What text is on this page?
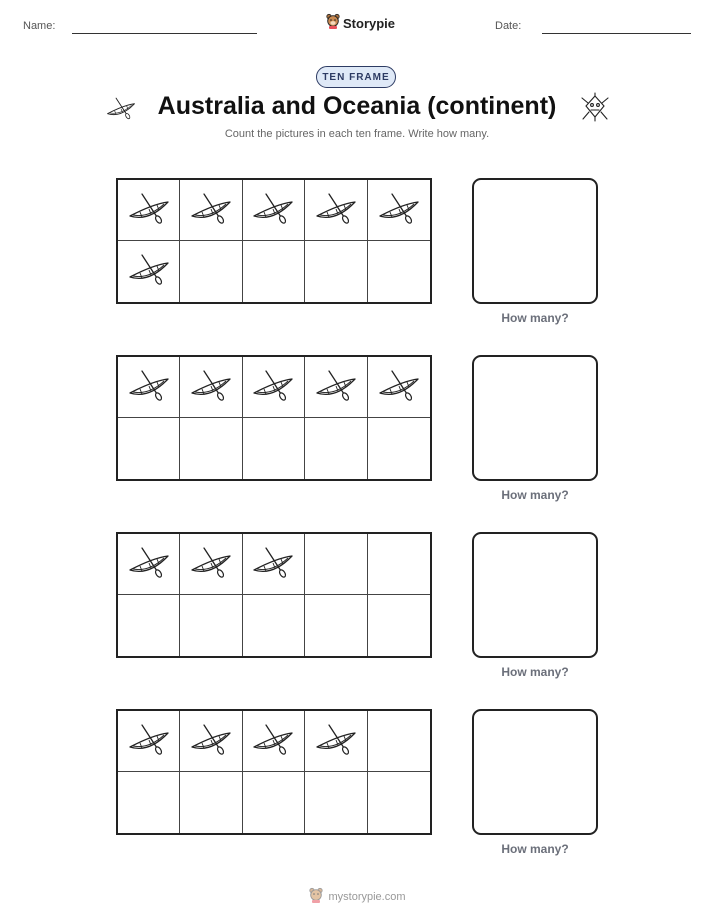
Name:	Storypie	Date:
TEN FRAME
Australia and Oceania (continent)
Count the pictures in each ten frame. Write how many.
How many?
How many?
How many?
How many?
mystorypie.com
